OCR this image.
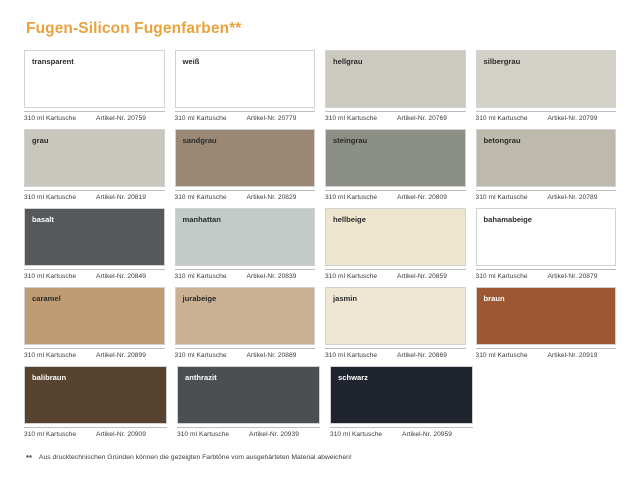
Fugen-Silicon Fugenfarben**
transparent
310 ml Kartusche	Artikel-Nr. 20759
weiß
310 ml Kartusche	Artikel-Nr. 20779
hellgrau
310 ml Kartusche	Artikel-Nr. 20769
silbergrau
310 ml Kartusche	Artikel-Nr. 20799
grau
310 ml Kartusche	Artikel-Nr. 20819
sandgrau
310 ml Kartusche	Artikel-Nr. 20829
steingrau
310 ml Kartusche	Artikel-Nr. 20809
betongrau
310 ml Kartusche	Artikel-Nr. 20789
basalt
310 ml Kartusche	Artikel-Nr. 20849
manhattan
310 ml Kartusche	Artikel-Nr. 20839
hellbeige
310 ml Kartusche	Artikel-Nr. 20859
bahamabeige
310 ml Kartusche	Artikel-Nr. 20879
caramel
310 ml Kartusche	Artikel-Nr. 20899
jurabeige
310 ml Kartusche	Artikel-Nr. 20889
jasmin
310 ml Kartusche	Artikel-Nr. 20869
braun
310 ml Kartusche	Artikel-Nr. 20919
balibraun
310 ml Kartusche	Artikel-Nr. 20909
anthrazit
310 ml Kartusche	Artikel-Nr. 20939
schwarz
310 ml Kartusche	Artikel-Nr. 20959
** Aus drucktechnischen Gründen können die gezeigten Farbtöne vom ausgehärteten Material abweichen!
